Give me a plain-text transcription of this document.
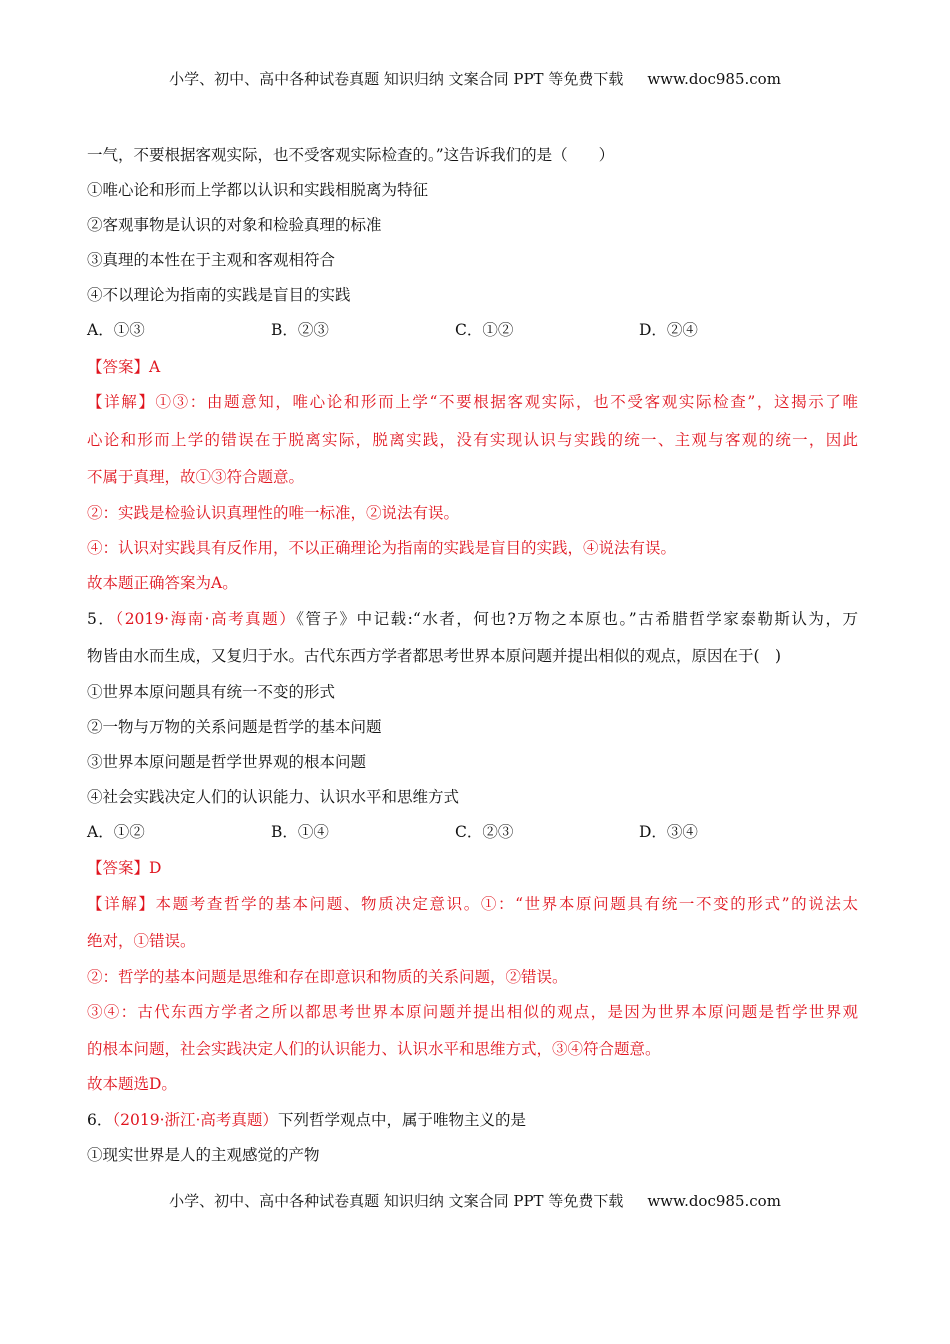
小学、初中、高中各种试卷真题 知识归纳 文案合同 PPT 等免费下载 www.doc985.com
一气，不要根据客观实际，也不受客观实际检查的。”这告诉我们的是（　　）
①唯心论和形而上学都以认识和实践相脱离为特征
②客观事物是认识的对象和检验真理的标准
③真理的本性在于主观和客观相符合
④不以理论为指南的实践是盲目的实践
A．①③	B．②③	C．①②	D．②④
【答案】A
【详解】①③：由题意知，唯心论和形而上学“不要根据客观实际，也不受客观实际检查”，这揭示了唯
心论和形而上学的错误在于脱离实际，脱离实践，没有实现认识与实践的统一、主观与客观的统一，因此
不属于真理，故①③符合题意。
②：实践是检验认识真理性的唯一标准，②说法有误。
④：认识对实践具有反作用，不以正确理论为指南的实践是盲目的实践，④说法有误。
故本题正确答案为A。
5．（2019·海南·高考真题）《管子》中记载:“水者，何也?万物之本原也。”古希腊哲学家泰勒斯认为，万
物皆由水而生成，又复归于水。古代东西方学者都思考世界本原问题并提出相似的观点，原因在于(　)
①世界本原问题具有统一不变的形式
②一物与万物的关系问题是哲学的基本问题
③世界本原问题是哲学世界观的根本问题
④社会实践决定人们的认识能力、认识水平和思维方式
A．①②	B．①④	C．②③	D．③④
【答案】D
【详解】本题考查哲学的基本问题、物质决定意识。①：“世界本原问题具有统一不变的形式”的说法太
绝对，①错误。
②：哲学的基本问题是思维和存在即意识和物质的关系问题，②错误。
③④：古代东西方学者之所以都思考世界本原问题并提出相似的观点，是因为世界本原问题是哲学世界观
的根本问题，社会实践决定人们的认识能力、认识水平和思维方式，③④符合题意。
故本题选D。
6．（2019·浙江·高考真题）下列哲学观点中，属于唯物主义的是
①现实世界是人的主观感觉的产物
小学、初中、高中各种试卷真题 知识归纳 文案合同 PPT 等免费下载 www.doc985.com
